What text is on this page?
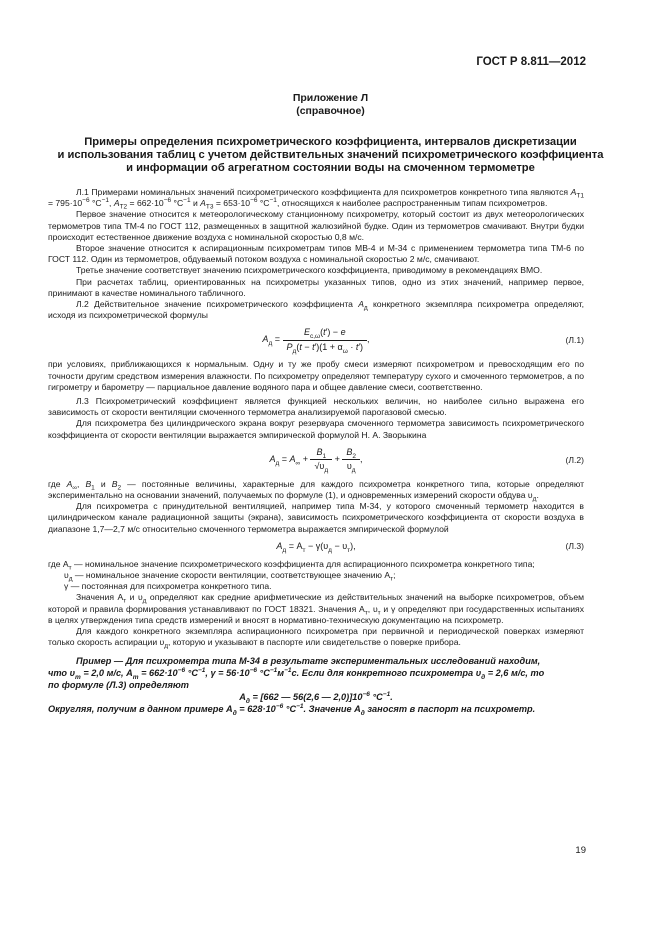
ГОСТ Р 8.811—2012
Приложение Л
(справочное)
Примеры определения психрометрического коэффициента, интервалов дискретизации
и использования таблиц с учетом действительных значений психрометрического коэффициента
и информации об агрегатном состоянии воды на смоченном термометре

Л.1 Примерами номинальных значений психрометрического коэффициента для психрометров конкретного типа являются $A_{T1} = 795\cdot 10^{-6}$ $^\circ С^{-1}$, $A_{T2} = 662\cdot 10^{-6}$ $^\circ С^{-1}$ и $A_{T3} = 653\cdot 10^{-6}$ $^\circ С^{-1}$, относящихся к наиболее распространенным типам психрометров.

Первое значение относится к метеорологическому станционному психрометру, который состоит из двух метеорологических термометров типа ТМ-4 по ГОСТ 112, размещенных в защитной жалюзийной будке. Один из термометров смачивают. Внутри будки происходит естественное движение воздуха с номинальной скоростью 0,8 м/с.

Второе значение относится к аспирационным психрометрам типов МВ-4 и М-34 с применением термометра типа ТМ-6 по ГОСТ 112. Один из термометров, обдуваемый потоком воздуха с номинальной скоростью 2 м/с, смачивают.

Третье значение соответствует значению психрометрического коэффициента, приводимому в рекомендациях ВМО.

При расчетах таблиц, ориентированных на психрометры указанных типов, одно из этих значений, например первое, принимают в качестве номинального табличного.

Л.2 Действительное значение психрометрического коэффициента $A_д$ конкретного экземпляра психрометра определяют, исходя из психрометрической формулы

$A_д = \frac{E_{с,\omega}(t') - e}{P_д(t - t')(1 + \alpha_\omega \cdot t')}$ ,	(Л.1)

при условиях, приближающихся к нормальным. Одну и ту же пробу смеси измеряют психрометром и превосходящим его по точности другим средством измерения влажности. По психрометру определяют температуру сухого и смоченного термометров, а по гигрометру и барометру — парциальное давление водяного пара и общее давление смеси, соответственно.

Л.3 Психрометрический коэффициент является функцией нескольких величин, но наиболее сильно выражена его зависимость от скорости вентиляции смоченного термометра анализируемой парогазовой смесью.

Для психрометра без цилиндрического экрана вокруг резервуара смоченного термометра зависимость психрометрического коэффициента от скорости вентиляции выражается эмпирической формулой Н. А. Зворыкина

$A_д = A_\infty + \frac{B_1}{√\upsilon_д} + \frac{B_2}{\upsilon_д}$ ,	(Л.2)

где $A_\infty$, $B_1$ и $B_2$ — постоянные величины, характерные для каждого психрометра конкретного типа, которые определяют экспериментально на основании значений, получаемых по формуле (1), и одновременных измерений скорости обдува $\upsilon_д$.

Для психрометра с принудительной вентиляцией, например типа М-34, у которого смоченный термометр находится в цилиндрическом канале радиационной защиты (экрана), зависимость психрометрического коэффициента от скорости воздуха в диапазоне 1,7—2,7 м/с относительно смоченного термометра выражается эмпирической формулой

$A_д = A_т - \gamma(\upsilon_д - \upsilon_т)$,	(Л.3)

где $A_т$ — номинальное значение психрометрического коэффициента для аспирационного психрометра конкретного типа;

$\upsilon_д$ — номинальное значение скорости вентиляции, соответствующее значению $A_т$;

γ — постоянная для психрометра конкретного типа.

Значения $A_т$ и $\upsilon_д$ определяют как средние арифметические из действительных значений на выборке психрометров, объем которой и правила формирования устанавливают по ГОСТ 18321. Значения $A_т$, $\upsilon_т$ и γ определяют при государственных испытаниях в целях утверждения типа средств измерений и вносят в нормативно-техническую документацию на психрометр.

Для каждого конкретного экземпляра аспирационного психрометра при первичной и периодической поверках измеряют только скорость аспирации $\upsilon_д$, которую и указывают в паспорте или свидетельстве о поверке прибора.

Пример — Для психрометра типа М-34 в результате экспериментальных исследований находим,

что $\upsilon_т = 2,0$ м/с, $A_т = 662\cdot 10^{-6}$ $^\circ С^{-1}$, $\gamma = 56\cdot 10^{-6}$ $^\circ С^{-1}м^{-1}с$. Если для конкретного психрометра $\upsilon_д = 2,6$ м/с, то

по формуле (Л.3) определяют

$A_д = [662$ — 56(2,6 — $2,0)]10^{-6}$ $^\circ С^{-1}$.

Округляя, получим в данном примере $A_д = 628\cdot 10^{-6}$ $^\circ С^{-1}$. Значение $A_д$ заносят в паспорт на психрометр.

19
